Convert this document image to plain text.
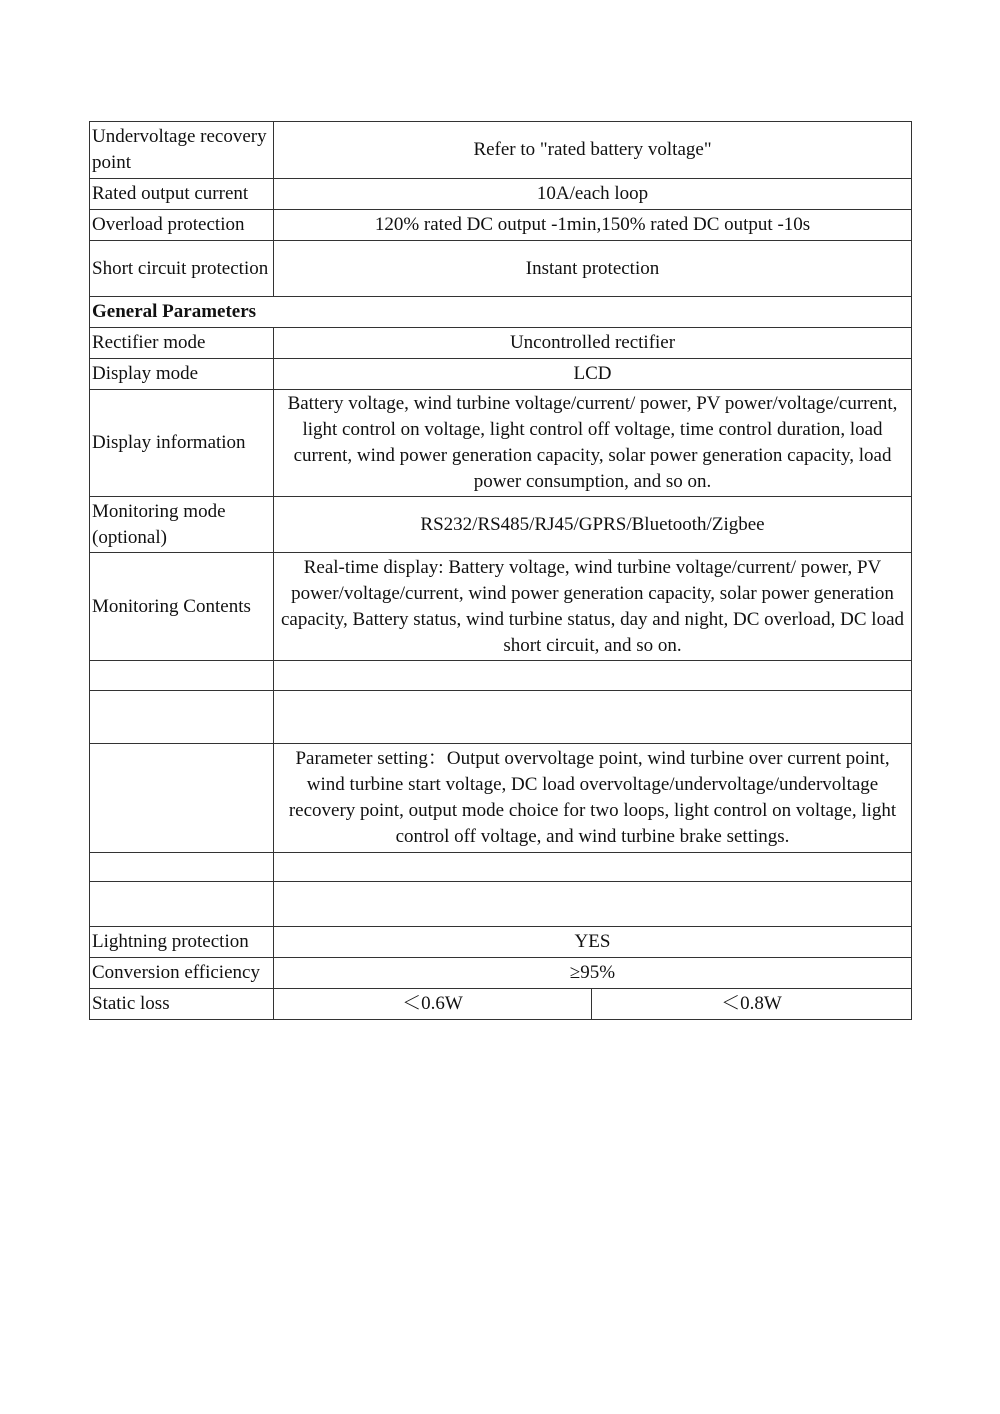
Undervoltage recovery point	Refer to "rated battery voltage"	
Rated output current	10A/each loop	
Overload protection	120% rated DC output -1min,150% rated DC output -10s	
Short circuit protection	Instant protection	
General Parameters		
Rectifier mode	Uncontrolled rectifier	
Display mode	LCD	
Display information	Battery voltage, wind turbine voltage/current/ power, PV power/voltage/current, light control on voltage, light control off voltage, time control duration, load current, wind power generation capacity, solar power generation capacity, load power consumption, and so on.	
Monitoring mode (optional)	RS232/RS485/RJ45/GPRS/Bluetooth/Zigbee	
Monitoring Contents	Real-time display: Battery voltage, wind turbine voltage/current/ power, PV power/voltage/current, wind power generation capacity, solar power generation capacity, Battery status, wind turbine status, day and night, DC overload, DC load short circuit, and so on.	

	Parameter setting：Output overvoltage point, wind turbine over current point, wind turbine start voltage, DC load overvoltage/undervoltage/undervoltage recovery point, output mode choice for two loops, light control on voltage, light control off voltage, and wind turbine brake settings.	

Lightning protection	YES	
Conversion efficiency	≥95%	
Static loss	＜0.6W	＜0.8W
